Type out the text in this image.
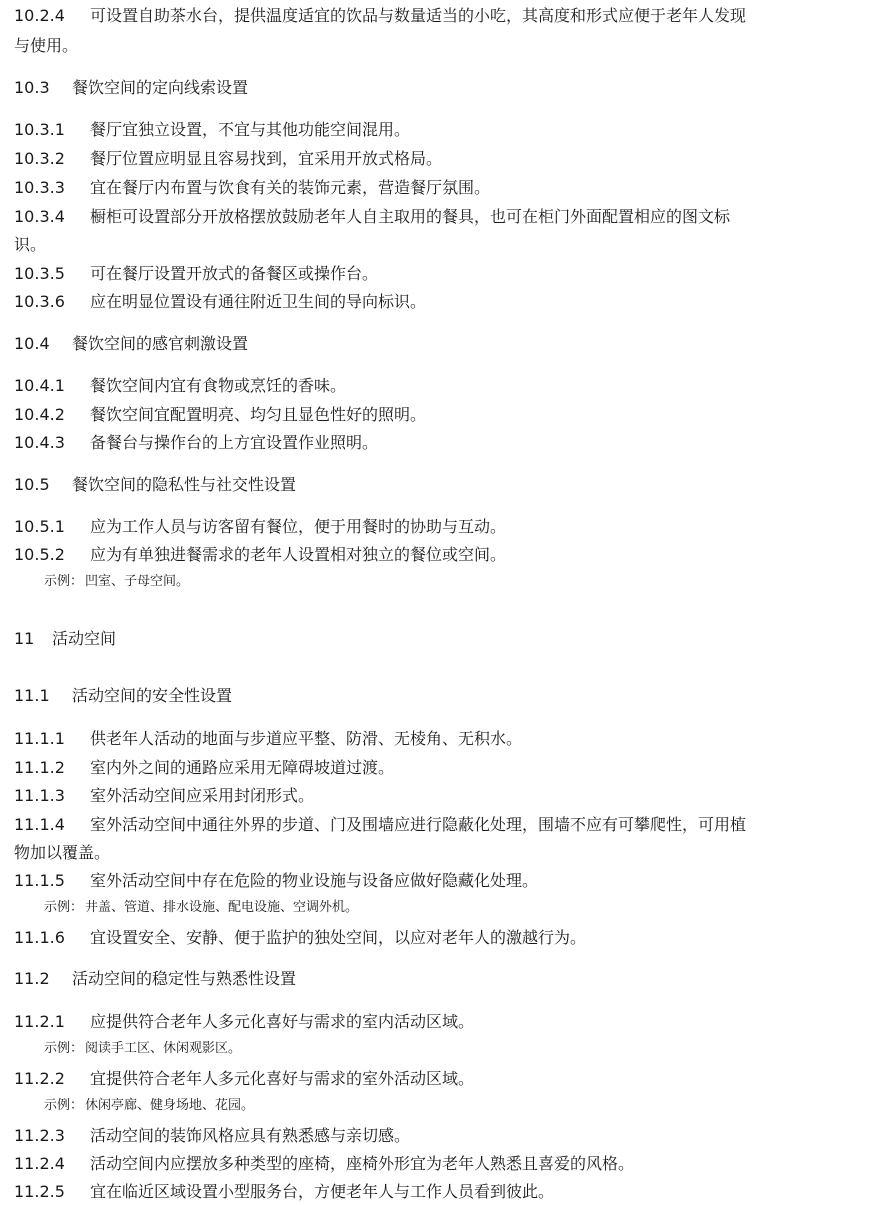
10.2.4 可设置自助茶水台，提供温度适宜的饮品与数量适当的小吃，其高度和形式应便于老年人发现
与使用。
10.3 餐饮空间的定向线索设置
10.3.1 餐厅宜独立设置，不宜与其他功能空间混用。
10.3.2 餐厅位置应明显且容易找到，宜采用开放式格局。
10.3.3 宜在餐厅内布置与饮食有关的装饰元素，营造餐厅氛围。
10.3.4 橱柜可设置部分开放格摆放鼓励老年人自主取用的餐具，也可在柜门外面配置相应的图文标
识。
10.3.5 可在餐厅设置开放式的备餐区或操作台。
10.3.6 应在明显位置设有通往附近卫生间的导向标识。
10.4 餐饮空间的感官刺激设置
10.4.1 餐饮空间内宜有食物或烹饪的香味。
10.4.2 餐饮空间宜配置明亮、均匀且显色性好的照明。
10.4.3 备餐台与操作台的上方宜设置作业照明。
10.5 餐饮空间的隐私性与社交性设置
10.5.1 应为工作人员与访客留有餐位，便于用餐时的协助与互动。
10.5.2 应为有单独进餐需求的老年人设置相对独立的餐位或空间。
示例： 凹室、子母空间。
11 活动空间
11.1 活动空间的安全性设置
11.1.1 供老年人活动的地面与步道应平整、防滑、无棱角、无积水。
11.1.2 室内外之间的通路应采用无障碍坡道过渡。
11.1.3 室外活动空间应采用封闭形式。
11.1.4 室外活动空间中通往外界的步道、门及围墙应进行隐蔽化处理，围墙不应有可攀爬性，可用植
物加以覆盖。
11.1.5 室外活动空间中存在危险的物业设施与设备应做好隐藏化处理。
示例： 井盖、管道、排水设施、配电设施、空调外机。
11.1.6 宜设置安全、安静、便于监护的独处空间，以应对老年人的激越行为。
11.2 活动空间的稳定性与熟悉性设置
11.2.1 应提供符合老年人多元化喜好与需求的室内活动区域。
示例： 阅读手工区、休闲观影区。
11.2.2 宜提供符合老年人多元化喜好与需求的室外活动区域。
示例： 休闲亭廊、健身场地、花园。
11.2.3 活动空间的装饰风格应具有熟悉感与亲切感。
11.2.4 活动空间内应摆放多种类型的座椅，座椅外形宜为老年人熟悉且喜爱的风格。
11.2.5 宜在临近区域设置小型服务台，方便老年人与工作人员看到彼此。
